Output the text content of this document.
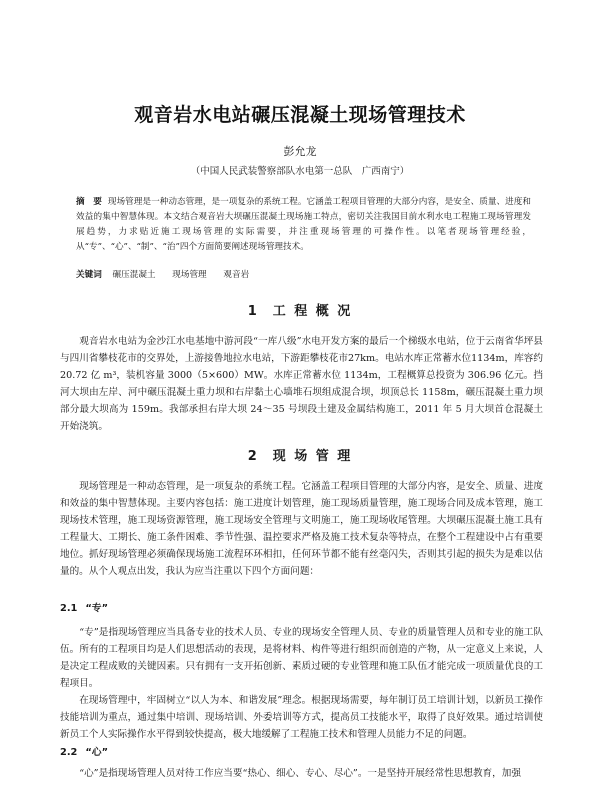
观音岩水电站碾压混凝土现场管理技术
彭允龙
（中国人民武装警察部队水电第一总队　广西南宁）
摘　要 现场管理是一种动态管理，是一项复杂的系统工程。它涵盖工程项目管理的大部分内容，是安全、质量、进度和效益的集中智慧体现。本文结合观音岩大坝碾压混凝土现场施工特点，密切关注我国目前水利水电工程施工现场管理发展趋势，力求贴近施工现场管理的实际需要，并注重现场管理的可操作性。以笔者现场管理经验，从“专”、“心”、“制”、“治”四个方面简要阐述现场管理技术。
关键词 碾压混凝土 现场管理 观音岩
1 工 程 概 况
观音岩水电站为金沙江水电基地中游河段“一库八级”水电开发方案的最后一个梯级水电站，位于云南省华坪县与四川省攀枝花市的交界处，上游接鲁地拉水电站，下游距攀枝花市27km。电站水库正常蓄水位1134m，库容约 20.72 亿 m³，装机容量 3000（5×600）MW。水库正常蓄水位 1134m，工程概算总投资为 306.96 亿元。挡河大坝由左岸、河中碾压混凝土重力坝和右岸黏土心墙堆石坝组成混合坝，坝顶总长 1158m，碾压混凝土重力坝部分最大坝高为 159m。我部承担右岸大坝 24～35 号坝段土建及金属结构施工，2011 年 5 月大坝首仓混凝土开始浇筑。
2 现 场 管 理
现场管理是一种动态管理，是一项复杂的系统工程。它涵盖工程项目管理的大部分内容，是安全、质量、进度和效益的集中智慧体现。主要内容包括：施工进度计划管理，施工现场质量管理，施工现场合同及成本管理，施工现场技术管理，施工现场资源管理，施工现场安全管理与文明施工，施工现场收尾管理。大坝碾压混凝土施工具有工程量大、工期长、施工条件困难、季节性强、温控要求严格及施工技术复杂等特点，在整个工程建设中占有重要地位。抓好现场管理必须确保现场施工流程环环相扣，任何环节都不能有丝毫闪失，否则其引起的损失为是难以估量的。从个人观点出发，我认为应当注重以下四个方面问题：
2.1 “专”
“专”是指现场管理应当具备专业的技术人员、专业的现场安全管理人员、专业的质量管理人员和专业的施工队伍。所有的工程项目均是人们思想活动的表现，是将材料、构件等进行组织而创造的产物，从一定意义上来说，人是决定工程成败的关键因素。只有拥有一支开拓创新、素质过硬的专业管理和施工队伍才能完成一项质量优良的工程项目。
在现场管理中，牢固树立“以人为本、和谐发展”理念。根据现场需要，每年制订员工培训计划，以新员工操作技能培训为重点，通过集中培训、现场培训、外委培训等方式，提高员工技能水平，取得了良好效果。通过培训使新员工个人实际操作水平得到较快提高，极大地缓解了工程施工技术和管理人员能力不足的问题。
2.2 “心”
“心”是指现场管理人员对待工作应当要“热心、细心、专心、尽心”。一是坚持开展经常性思想教育，加强
